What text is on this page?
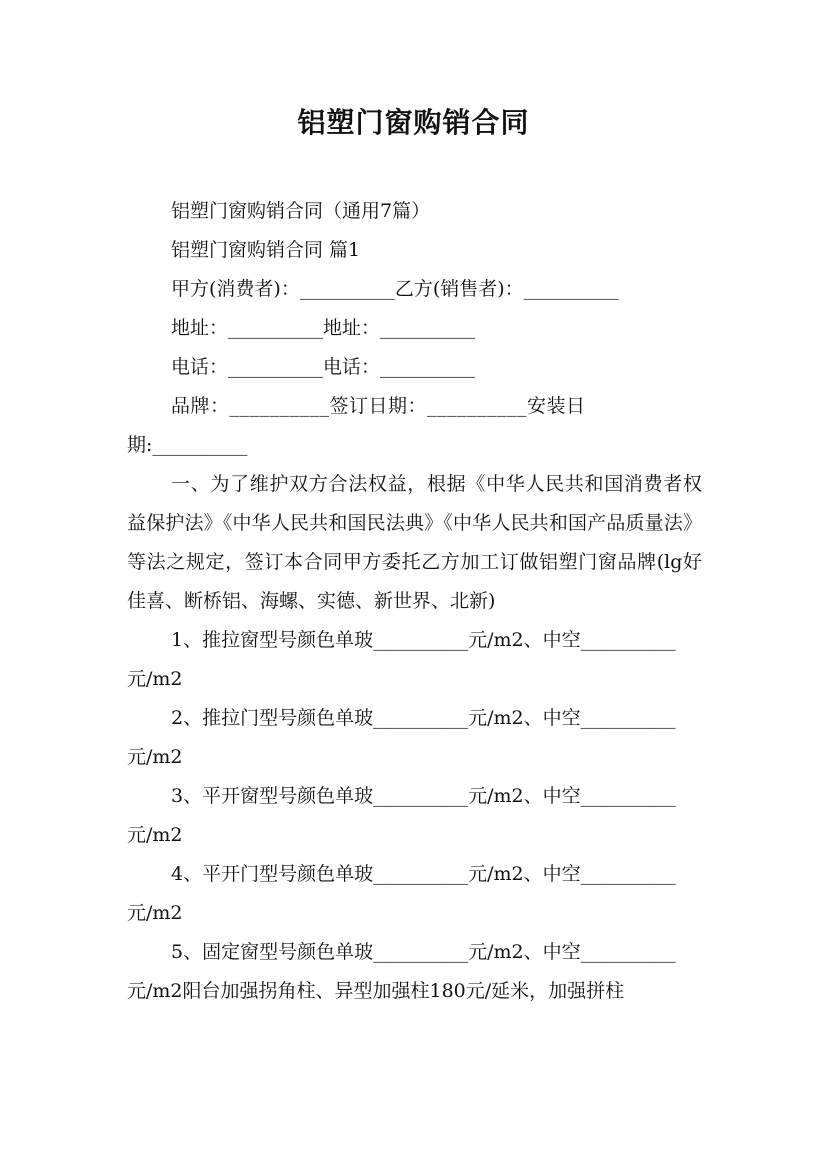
铝塑门窗购销合同
铝塑门窗购销合同（通用7篇）
铝塑门窗购销合同 篇1
甲方(消费者)：__________乙方(销售者)：__________
地址：__________地址：__________
电话：__________电话：__________
品牌：__________签订日期：__________安装日
期:__________

一、为了维护双方合法权益，根据《中华人民共和国消费者权益保护法》《中华人民共和国民法典》《中华人民共和国产品质量法》等法之规定，签订本合同甲方委托乙方加工订做铝塑门窗品牌(lg好佳喜、断桥铝、海螺、实德、新世界、北新)

1、推拉窗型号颜色单玻__________元/m2、中空__________
元/m2
2、推拉门型号颜色单玻__________元/m2、中空__________
元/m2
3、平开窗型号颜色单玻__________元/m2、中空__________
元/m2
4、平开门型号颜色单玻__________元/m2、中空__________
元/m2
5、固定窗型号颜色单玻__________元/m2、中空__________
元/m2阳台加强拐角柱、异型加强柱180元/延米，加强拼柱
